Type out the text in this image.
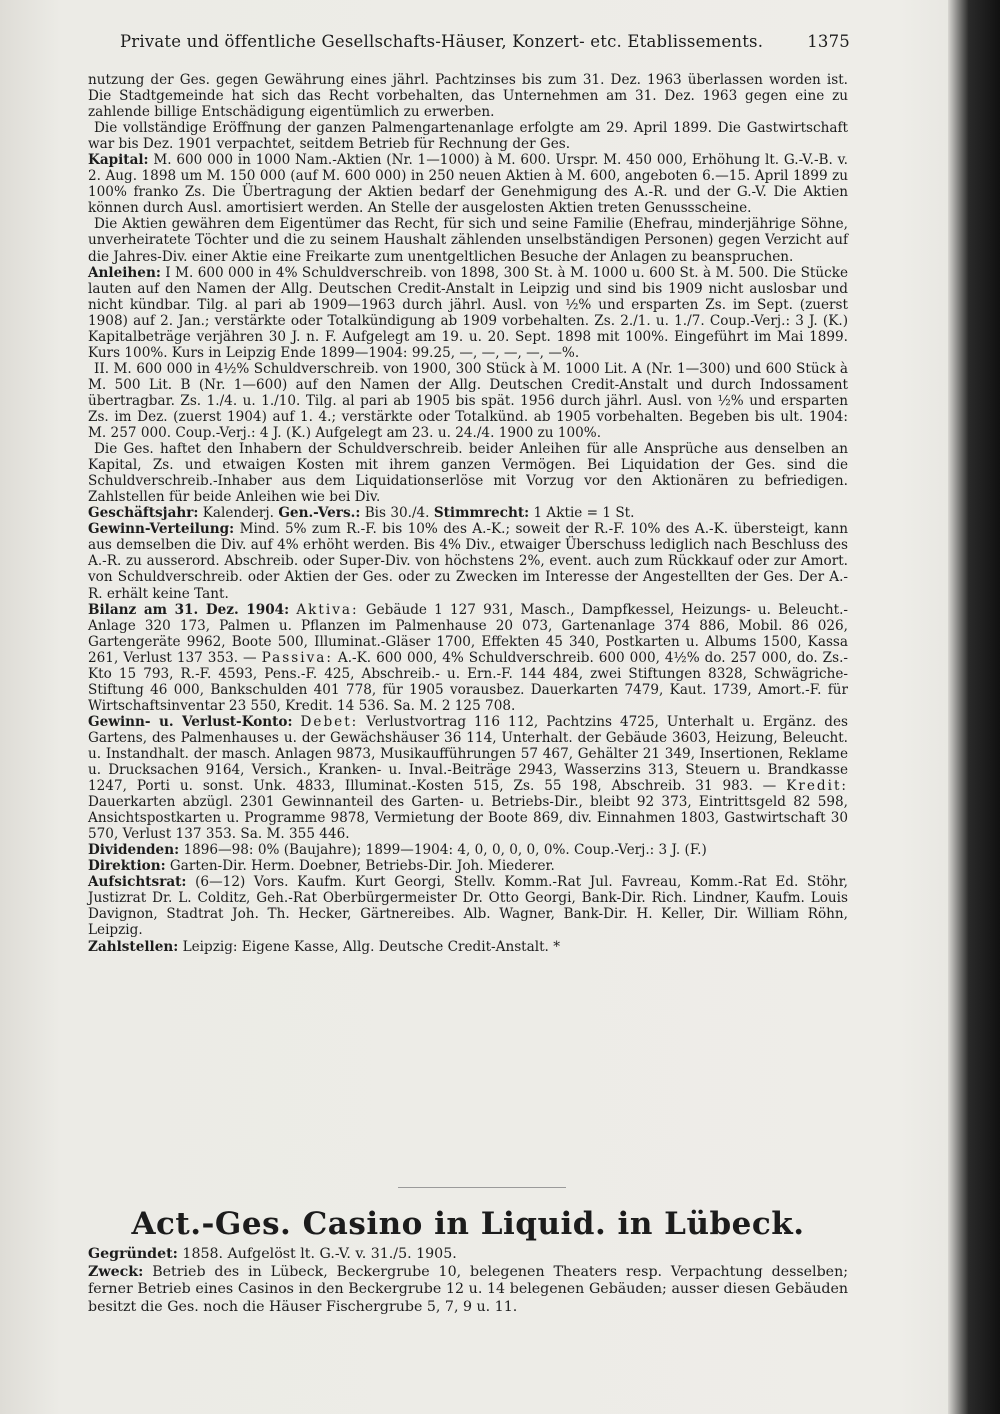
Private und öffentliche Gesellschafts-Häuser, Konzert- etc. Etablissements.	1375

nutzung der Ges. gegen Gewährung eines jährl. Pachtzinses bis zum 31. Dez. 1963 überlassen worden ist. Die Stadtgemeinde hat sich das Recht vorbehalten, das Unternehmen am 31. Dez. 1963 gegen eine zu zahlende billige Entschädigung eigentümlich zu erwerben.

Die vollständige Eröffnung der ganzen Palmengartenanlage erfolgte am 29. April 1899. Die Gastwirtschaft war bis Dez. 1901 verpachtet, seitdem Betrieb für Rechnung der Ges.

Kapital: M. 600 000 in 1000 Nam.-Aktien (Nr. 1—1000) à M. 600. Urspr. M. 450 000, Erhöhung lt. G.-V.-B. v. 2. Aug. 1898 um M. 150 000 (auf M. 600 000) in 250 neuen Aktien à M. 600, angeboten 6.—15. April 1899 zu 100% franko Zs. Die Übertragung der Aktien bedarf der Genehmigung des A.-R. und der G.-V. Die Aktien können durch Ausl. amortisiert werden. An Stelle der ausgelosten Aktien treten Genussscheine.

Die Aktien gewähren dem Eigentümer das Recht, für sich und seine Familie (Ehefrau, minderjährige Söhne, unverheiratete Töchter und die zu seinem Haushalt zählenden unselbständigen Personen) gegen Verzicht auf die Jahres-Div. einer Aktie eine Freikarte zum unentgeltlichen Besuche der Anlagen zu beanspruchen.

Anleihen: I M. 600 000 in 4% Schuldverschreib. von 1898, 300 St. à M. 1000 u. 600 St. à M. 500. Die Stücke lauten auf den Namen der Allg. Deutschen Credit-Anstalt in Leipzig und sind bis 1909 nicht auslosbar und nicht kündbar. Tilg. al pari ab 1909—1963 durch jährl. Ausl. von ½% und ersparten Zs. im Sept. (zuerst 1908) auf 2. Jan.; verstärkte oder Totalkündigung ab 1909 vorbehalten. Zs. 2./1. u. 1./7. Coup.-Verj.: 3 J. (K.) Kapitalbeträge verjähren 30 J. n. F. Aufgelegt am 19. u. 20. Sept. 1898 mit 100%. Eingeführt im Mai 1899. Kurs 100%. Kurs in Leipzig Ende 1899—1904: 99.25, —, —, —, —, —%.

II. M. 600 000 in 4½% Schuldverschreib. von 1900, 300 Stück à M. 1000 Lit. A (Nr. 1—300) und 600 Stück à M. 500 Lit. B (Nr. 1—600) auf den Namen der Allg. Deutschen Credit-Anstalt und durch Indossament übertragbar. Zs. 1./4. u. 1./10. Tilg. al pari ab 1905 bis spät. 1956 durch jährl. Ausl. von ½% und ersparten Zs. im Dez. (zuerst 1904) auf 1. 4.; verstärkte oder Totalkünd. ab 1905 vorbehalten. Begeben bis ult. 1904: M. 257 000. Coup.-Verj.: 4 J. (K.) Aufgelegt am 23. u. 24./4. 1900 zu 100%.

Die Ges. haftet den Inhabern der Schuldverschreib. beider Anleihen für alle Ansprüche aus denselben an Kapital, Zs. und etwaigen Kosten mit ihrem ganzen Vermögen. Bei Liquidation der Ges. sind die Schuldverschreib.-Inhaber aus dem Liquidationserlöse mit Vorzug vor den Aktionären zu befriedigen. Zahlstellen für beide Anleihen wie bei Div.

Geschäftsjahr: Kalenderj. Gen.-Vers.: Bis 30./4. Stimmrecht: 1 Aktie = 1 St.

Gewinn-Verteilung: Mind. 5% zum R.-F. bis 10% des A.-K.; soweit der R.-F. 10% des A.-K. übersteigt, kann aus demselben die Div. auf 4% erhöht werden. Bis 4% Div., etwaiger Überschuss lediglich nach Beschluss des A.-R. zu ausserord. Abschreib. oder Super-Div. von höchstens 2%, event. auch zum Rückkauf oder zur Amort. von Schuldverschreib. oder Aktien der Ges. oder zu Zwecken im Interesse der Angestellten der Ges. Der A.-R. erhält keine Tant.

Bilanz am 31. Dez. 1904: Aktiva: Gebäude 1 127 931, Masch., Dampfkessel, Heizungs- u. Beleucht.-Anlage 320 173, Palmen u. Pflanzen im Palmenhause 20 073, Gartenanlage 374 886, Mobil. 86 026, Gartengeräte 9962, Boote 500, Illuminat.-Gläser 1700, Effekten 45 340, Postkarten u. Albums 1500, Kassa 261, Verlust 137 353. — Passiva: A.-K. 600 000, 4% Schuldverschreib. 600 000, 4½% do. 257 000, do. Zs.-Kto 15 793, R.-F. 4593, Pens.-F. 425, Abschreib.- u. Ern.-F. 144 484, zwei Stiftungen 8328, Schwägriche-Stiftung 46 000, Bankschulden 401 778, für 1905 vorausbez. Dauerkarten 7479, Kaut. 1739, Amort.-F. für Wirtschaftsinventar 23 550, Kredit. 14 536. Sa. M. 2 125 708.

Gewinn- u. Verlust-Konto: Debet: Verlustvortrag 116 112, Pachtzins 4725, Unterhalt u. Ergänz. des Gartens, des Palmenhauses u. der Gewächshäuser 36 114, Unterhalt. der Gebäude 3603, Heizung, Beleucht. u. Instandhalt. der masch. Anlagen 9873, Musikaufführungen 57 467, Gehälter 21 349, Insertionen, Reklame u. Drucksachen 9164, Versich., Kranken- u. Inval.-Beiträge 2943, Wasserzins 313, Steuern u. Brandkasse 1247, Porti u. sonst. Unk. 4833, Illuminat.-Kosten 515, Zs. 55 198, Abschreib. 31 983. — Kredit: Dauerkarten abzügl. 2301 Gewinnanteil des Garten- u. Betriebs-Dir., bleibt 92 373, Eintrittsgeld 82 598, Ansichtspostkarten u. Programme 9878, Vermietung der Boote 869, div. Einnahmen 1803, Gastwirtschaft 30 570, Verlust 137 353. Sa. M. 355 446.

Dividenden: 1896—98: 0% (Baujahre); 1899—1904: 4, 0, 0, 0, 0, 0%. Coup.-Verj.: 3 J. (F.)

Direktion: Garten-Dir. Herm. Doebner, Betriebs-Dir. Joh. Miederer.

Aufsichtsrat: (6—12) Vors. Kaufm. Kurt Georgi, Stellv. Komm.-Rat Jul. Favreau, Komm.-Rat Ed. Stöhr, Justizrat Dr. L. Colditz, Geh.-Rat Oberbürgermeister Dr. Otto Georgi, Bank-Dir. Rich. Lindner, Kaufm. Louis Davignon, Stadtrat Joh. Th. Hecker, Gärtnereibes. Alb. Wagner, Bank-Dir. H. Keller, Dir. William Röhn, Leipzig.

Zahlstellen: Leipzig: Eigene Kasse, Allg. Deutsche Credit-Anstalt. *

Act.-Ges. Casino in Liquid. in Lübeck.

Gegründet: 1858. Aufgelöst lt. G.-V. v. 31./5. 1905.

Zweck: Betrieb des in Lübeck, Beckergrube 10, belegenen Theaters resp. Verpachtung desselben; ferner Betrieb eines Casinos in den Beckergrube 12 u. 14 belegenen Gebäuden; ausser diesen Gebäuden besitzt die Ges. noch die Häuser Fischergrube 5, 7, 9 u. 11.
